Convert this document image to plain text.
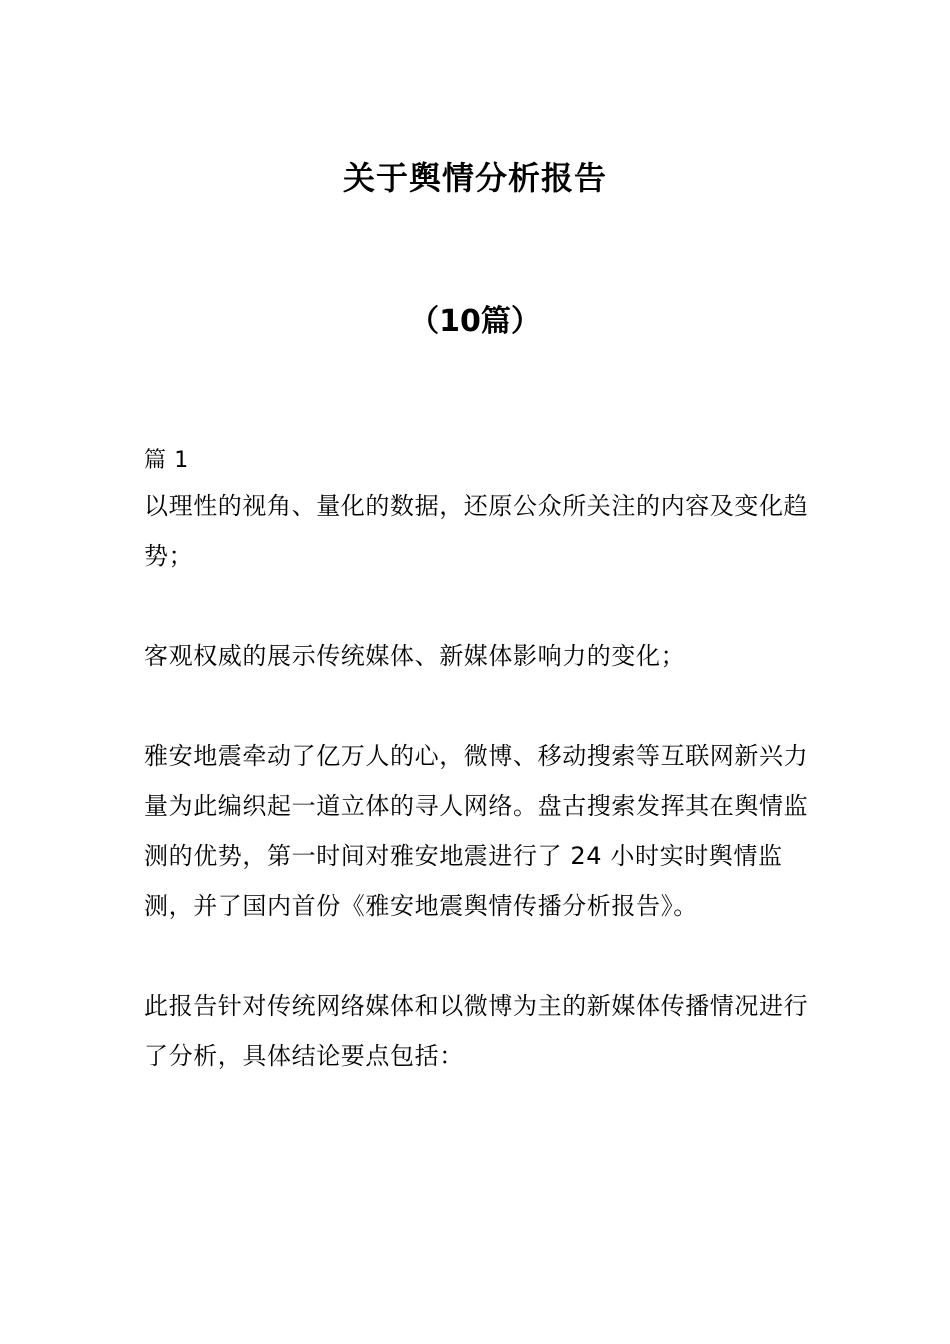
关于舆情分析报告
（10篇）
篇 1

以理性的视角、量化的数据，还原公众所关注的内容及变化趋势；

客观权威的展示传统媒体、新媒体影响力的变化；

雅安地震牵动了亿万人的心，微博、移动搜索等互联网新兴力量为此编织起一道立体的寻人网络。盘古搜索发挥其在舆情监测的优势，第一时间对雅安地震进行了 24 小时实时舆情监测，并了国内首份《雅安地震舆情传播分析报告》。

此报告针对传统网络媒体和以微博为主的新媒体传播情况进行了分析，具体结论要点包括：
